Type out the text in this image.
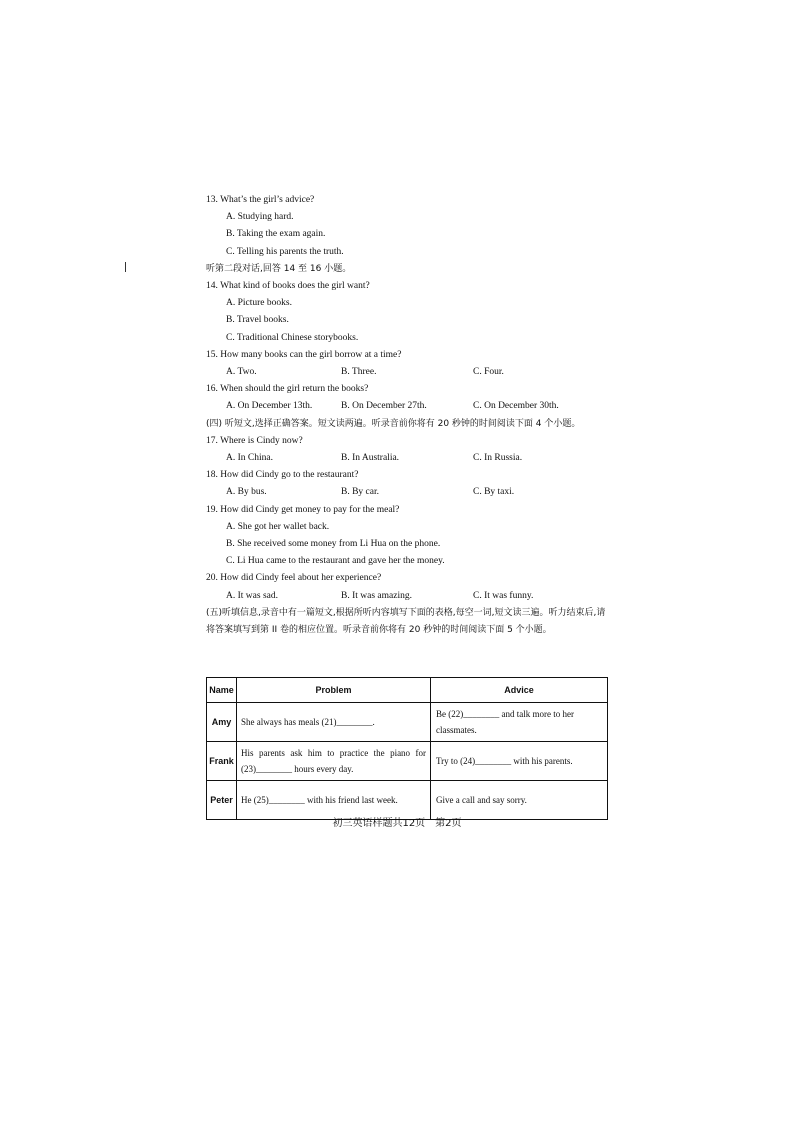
13. What’s the girl’s advice?

A. Studying hard.

B. Taking the exam again.

C. Telling his parents the truth.

听第二段对话,回答 14 至 16 小题。

14. What kind of books does the girl want?

A. Picture books.

B. Travel books.

C. Traditional Chinese storybooks.

15. How many books can the girl borrow at a time?

A. Two.	B. Three.	C. Four.

16. When should the girl return the books?

A. On December 13th.	B. On December 27th.	C. On December 30th.

(四) 听短文,选择正确答案。短文读两遍。听录音前你将有 20 秒钟的时间阅读下面 4 个小题。

17. Where is Cindy now?

A. In China.	B. In Australia.	C. In Russia.

18. How did Cindy go to the restaurant?

A. By bus.	B. By car.	C. By taxi.

19. How did Cindy get money to pay for the meal?

A. She got her wallet back.

B. She received some money from Li Hua on the phone.

C. Li Hua came to the restaurant and gave her the money.

20. How did Cindy feel about her experience?

A. It was sad.	B. It was amazing.	C. It was funny.

(五)听填信息,录音中有一篇短文,根据所听内容填写下面的表格,每空一词,短文读三遍。听力结束后,请将答案填写到第 II 卷的相应位置。听录音前你将有 20 秒钟的时间阅读下面 5 个小题。

Name	Problem	Advice
Amy	She always has meals (21)________.	Be (22)________ and talk more to her classmates.
Frank	His parents ask him to practice the piano for (23)________ hours every day.	Try to (24)________ with his parents.
Peter	He (25)________ with his friend last week.	Give a call and say sorry.
初三英语样题共12页　第2页
